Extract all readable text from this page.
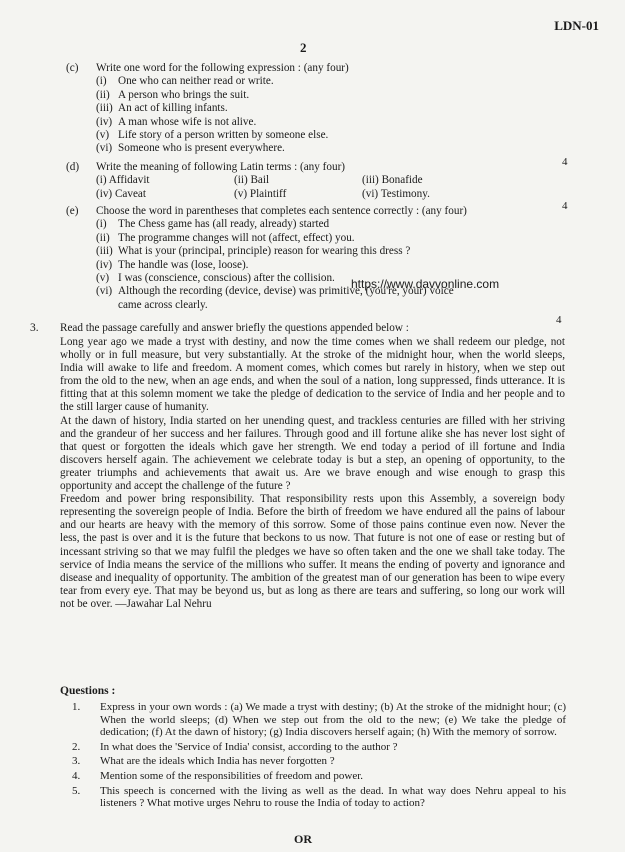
LDN-01
2
(c) Write one word for the following expression : (any four)
(i) One who can neither read or write.
(ii) A person who brings the suit.
(iii) An act of killing infants.
(iv) A man whose wife is not alive.
(v) Life story of a person written by someone else.
(vi) Someone who is present everywhere.
4
(d) Write the meaning of following Latin terms : (any four)
(i) Affidavit	(ii) Bail	(iii) Bonafide
(iv) Caveat	(v) Plaintiff	(vi) Testimony.
4
(e) Choose the word in parentheses that completes each sentence correctly : (any four)
(i) The Chess game has (all ready, already) started
(ii) The programme changes will not (affect, effect) you.
(iii) What is your (principal, principle) reason for wearing this dress ?
(iv) The handle was (lose, loose).
(v) I was (conscience, conscious) after the collision.
(vi) Although the recording (device, devise) was primitive, (you're, your) voice
came across clearly.
https://www.davvonline.com
4
3. Read the passage carefully and answer briefly the questions appended below :

Long year ago we made a tryst with destiny, and now the time comes when we shall redeem our pledge, not wholly or in full measure, but very substantially. At the stroke of the midnight hour, when the world sleeps, India will awake to life and freedom. A moment comes, which comes but rarely in history, when we step out from the old to the new, when an age ends, and when the soul of a nation, long suppressed, finds utterance. It is fitting that at this solemn moment we take the pledge of dedication to the service of India and her people and to the still larger cause of humanity.

At the dawn of history, India started on her unending quest, and trackless centuries are filled with her striving and the grandeur of her success and her failures. Through good and ill fortune alike she has never lost sight of that quest or forgotten the ideals which gave her strength. We end today a period of ill fortune and India discovers herself again. The achievement we celebrate today is but a step, an opening of opportunity, to the greater triumphs and achievements that await us. Are we brave enough and wise enough to grasp this opportunity and accept the challenge of the future ?

Freedom and power bring responsibility. That responsibility rests upon this Assembly, a sovereign body representing the sovereign people of India. Before the birth of freedom we have endured all the pains of labour and our hearts are heavy with the memory of this sorrow. Some of those pains continue even now. Never the less, the past is over and it is the future that beckons to us now. That future is not one of ease or resting but of incessant striving so that we may fulfil the pledges we have so often taken and the one we shall take today. The service of India means the service of the millions who suffer. It means the ending of poverty and ignorance and disease and inequality of opportunity. The ambition of the greatest man of our generation has been to wipe every tear from every eye. That may be beyond us, but as long as there are tears and suffering, so long our work will not be over. —Jawahar Lal Nehru

Questions :
1. Express in your own words : (a) We made a tryst with destiny; (b) At the stroke of the midnight hour; (c) When the world sleeps; (d) When we step out from the old to the new; (e) We take the pledge of dedication; (f) At the dawn of history; (g) India discovers herself again; (h) With the memory of sorrow.
2. In what does the 'Service of India' consist, according to the author ?
3. What are the ideals which India has never forgotten ?
4. Mention some of the responsibilities of freedom and power.
5. This speech is concerned with the living as well as the dead. In what way does Nehru appeal to his listeners ? What motive urges Nehru to rouse the India of today to action?
OR
